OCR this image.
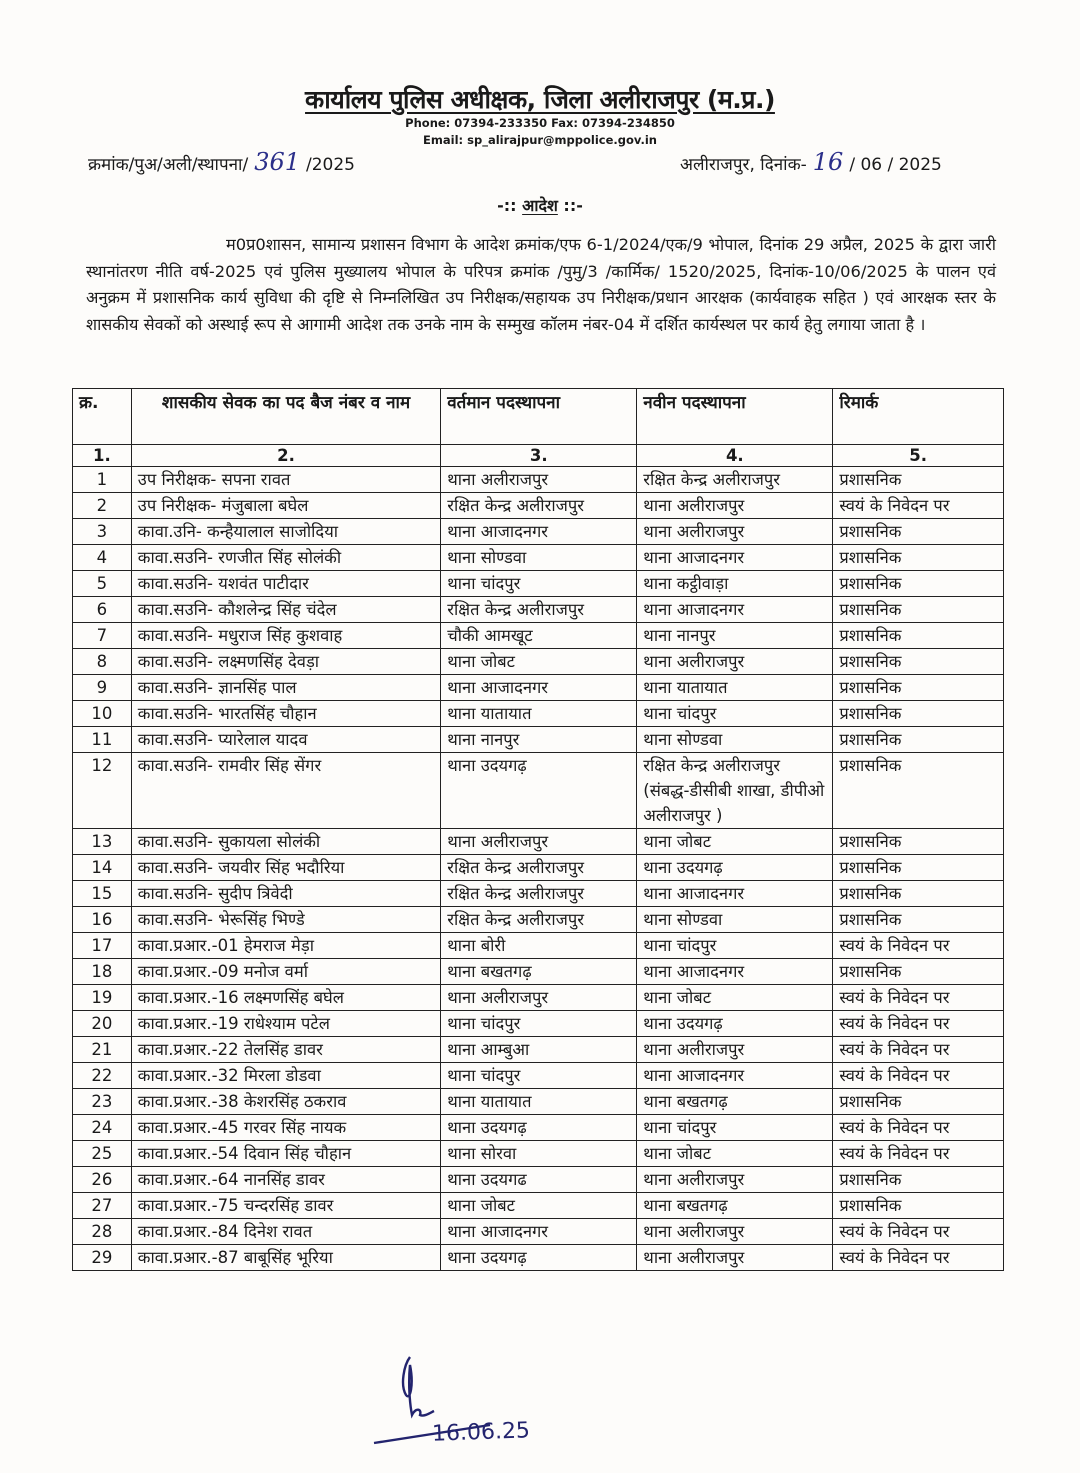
कार्यालय पुलिस अधीक्षक, जिला अलीराजपुर (म.प्र.)
Phone: 07394-233350 Fax: 07394-234850
Email: sp_alirajpur@mppolice.gov.in
क्रमांक/पुअ/अली/स्थापना/ 361 /2025	अलीराजपुर, दिनांक- 16 / 06 / 2025
-:: आदेश ::-
म0प्र0शासन, सामान्य प्रशासन विभाग के आदेश क्रमांक/एफ 6-1/2024/एक/9 भोपाल, दिनांक 29 अप्रैल, 2025 के द्वारा जारी स्थानांतरण नीति वर्ष-2025 एवं पुलिस मुख्यालय भोपाल के परिपत्र क्रमांक /पुमु/3 /कार्मिक/ 1520/2025, दिनांक-10/06/2025 के पालन एवं अनुक्रम में प्रशासनिक कार्य सुविधा की दृष्टि से निम्नलिखित उप निरीक्षक/सहायक उप निरीक्षक/प्रधान आरक्षक (कार्यवाहक सहित ) एवं आरक्षक स्तर के शासकीय सेवकों को अस्थाई रूप से आगामी आदेश तक उनके नाम के सम्मुख कॉलम नंबर-04 में दर्शित कार्यस्थल पर कार्य हेतु लगाया जाता है ।
क्र.	शासकीय सेवक का पद बैज नंबर व नाम	वर्तमान पदस्थापना	नवीन पदस्थापना	रिमार्क
1.	2.	3.	4.	5.
1	उप निरीक्षक- सपना रावत	थाना अलीराजपुर	रक्षित केन्द्र अलीराजपुर	प्रशासनिक
2	उप निरीक्षक- मंजुबाला बघेल	रक्षित केन्द्र अलीराजपुर	थाना अलीराजपुर	स्वयं के निवेदन पर
3	कावा.उनि- कन्हैयालाल साजोदिया	थाना आजादनगर	थाना अलीराजपुर	प्रशासनिक
4	कावा.सउनि- रणजीत सिंह सोलंकी	थाना सोण्डवा	थाना आजादनगर	प्रशासनिक
5	कावा.सउनि- यशवंत पाटीदार	थाना चांदपुर	थाना कट्ठीवाड़ा	प्रशासनिक
6	कावा.सउनि- कौशलेन्द्र सिंह चंदेल	रक्षित केन्द्र अलीराजपुर	थाना आजादनगर	प्रशासनिक
7	कावा.सउनि- मधुराज सिंह कुशवाह	चौकी आमखूट	थाना नानपुर	प्रशासनिक
8	कावा.सउनि- लक्ष्मणसिंह देवड़ा	थाना जोबट	थाना अलीराजपुर	प्रशासनिक
9	कावा.सउनि- ज्ञानसिंह पाल	थाना आजादनगर	थाना यातायात	प्रशासनिक
10	कावा.सउनि- भारतसिंह चौहान	थाना यातायात	थाना चांदपुर	प्रशासनिक
11	कावा.सउनि- प्यारेलाल यादव	थाना नानपुर	थाना सोण्डवा	प्रशासनिक
12	कावा.सउनि- रामवीर सिंह सेंगर	थाना उदयगढ़	रक्षित केन्द्र अलीराजपुर (संबद्ध-डीसीबी शाखा, डीपीओ अलीराजपुर )	प्रशासनिक
13	कावा.सउनि- सुकायला सोलंकी	थाना अलीराजपुर	थाना जोबट	प्रशासनिक
14	कावा.सउनि- जयवीर सिंह भदौरिया	रक्षित केन्द्र अलीराजपुर	थाना उदयगढ़	प्रशासनिक
15	कावा.सउनि- सुदीप त्रिवेदी	रक्षित केन्द्र अलीराजपुर	थाना आजादनगर	प्रशासनिक
16	कावा.सउनि- भेरूसिंह भिण्डे	रक्षित केन्द्र अलीराजपुर	थाना सोण्डवा	प्रशासनिक
17	कावा.प्रआर.-01 हेमराज मेड़ा	थाना बोरी	थाना चांदपुर	स्वयं के निवेदन पर
18	कावा.प्रआर.-09 मनोज वर्मा	थाना बखतगढ़	थाना आजादनगर	प्रशासनिक
19	कावा.प्रआर.-16 लक्ष्मणसिंह बघेल	थाना अलीराजपुर	थाना जोबट	स्वयं के निवेदन पर
20	कावा.प्रआर.-19 राधेश्याम पटेल	थाना चांदपुर	थाना उदयगढ़	स्वयं के निवेदन पर
21	कावा.प्रआर.-22 तेलसिंह डावर	थाना आम्बुआ	थाना अलीराजपुर	स्वयं के निवेदन पर
22	कावा.प्रआर.-32 मिरला डोडवा	थाना चांदपुर	थाना आजादनगर	स्वयं के निवेदन पर
23	कावा.प्रआर.-38 केशरसिंह ठकराव	थाना यातायात	थाना बखतगढ़	प्रशासनिक
24	कावा.प्रआर.-45 गरवर सिंह नायक	थाना उदयगढ़	थाना चांदपुर	स्वयं के निवेदन पर
25	कावा.प्रआर.-54 दिवान सिंह चौहान	थाना सोरवा	थाना जोबट	स्वयं के निवेदन पर
26	कावा.प्रआर.-64 नानसिंह डावर	थाना उदयगढ	थाना अलीराजपुर	प्रशासनिक
27	कावा.प्रआर.-75 चन्दरसिंह डावर	थाना जोबट	थाना बखतगढ़	प्रशासनिक
28	कावा.प्रआर.-84 दिनेश रावत	थाना आजादनगर	थाना अलीराजपुर	स्वयं के निवेदन पर
29	कावा.प्रआर.-87 बाबूसिंह भूरिया	थाना उदयगढ़	थाना अलीराजपुर	स्वयं के निवेदन पर
16.06.25
